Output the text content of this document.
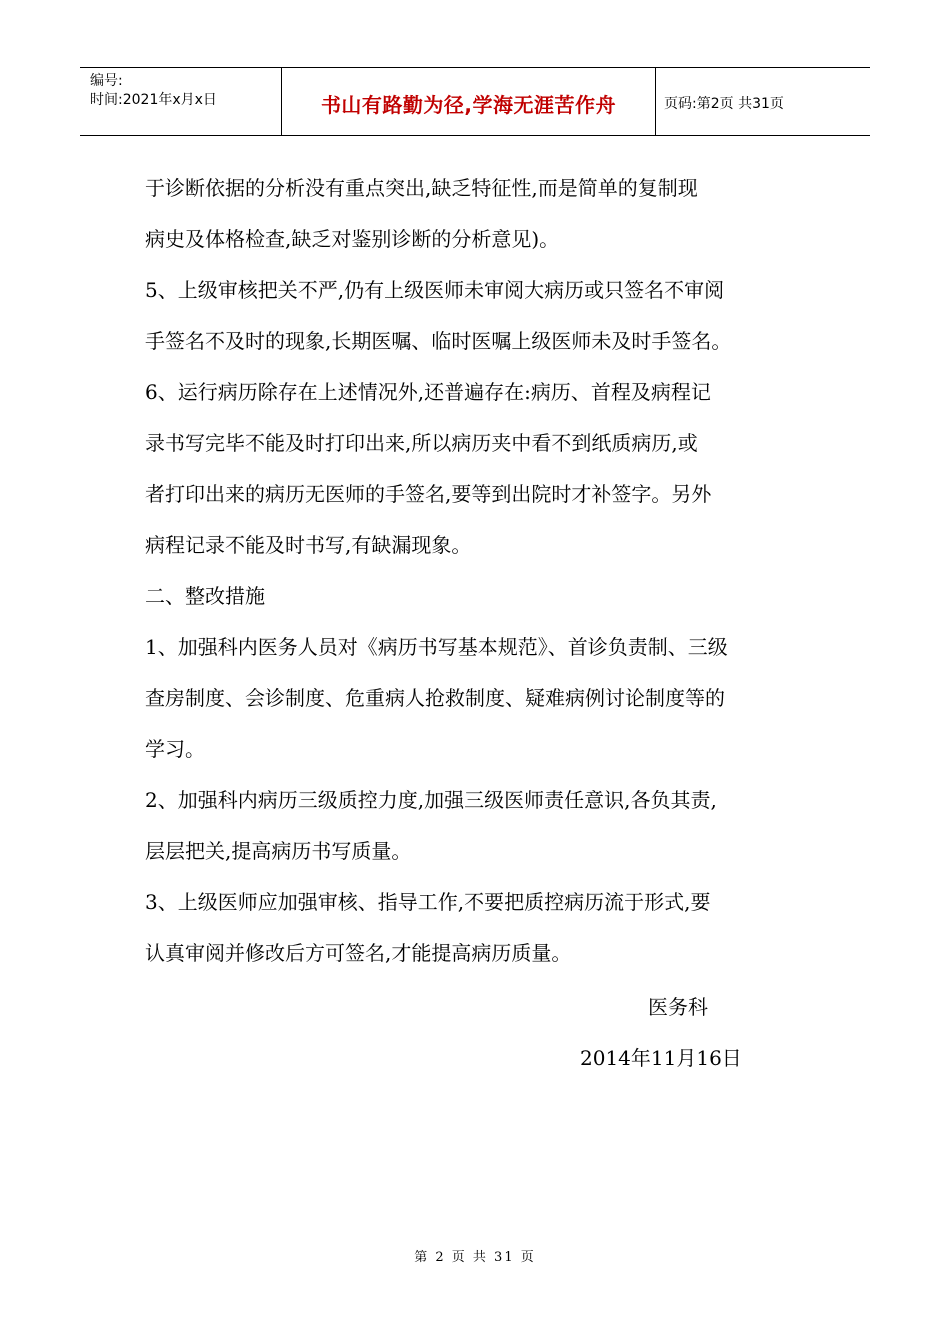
编号:
时间:2021年x月x日	书山有路勤为径,学海无涯苦作舟	页码:第2页 共31页

于诊断依据的分析没有重点突出,缺乏特征性,而是简单的复制现

病史及体格检查,缺乏对鉴别诊断的分析意见)。

5、上级审核把关不严,仍有上级医师未审阅大病历或只签名不审阅

手签名不及时的现象,长期医嘱、临时医嘱上级医师未及时手签名。

6、运行病历除存在上述情况外,还普遍存在:病历、首程及病程记

录书写完毕不能及时打印出来,所以病历夹中看不到纸质病历,或

者打印出来的病历无医师的手签名,要等到出院时才补签字。另外

病程记录不能及时书写,有缺漏现象。

二、整改措施

1、加强科内医务人员对《病历书写基本规范》、首诊负责制、三级

查房制度、会诊制度、危重病人抢救制度、疑难病例讨论制度等的

学习。

2、加强科内病历三级质控力度,加强三级医师责任意识,各负其责,

层层把关,提高病历书写质量。

3、上级医师应加强审核、指导工作,不要把质控病历流于形式,要

认真审阅并修改后方可签名,才能提高病历质量。

医务科
2014年11月16日
第 2 页 共 31 页
